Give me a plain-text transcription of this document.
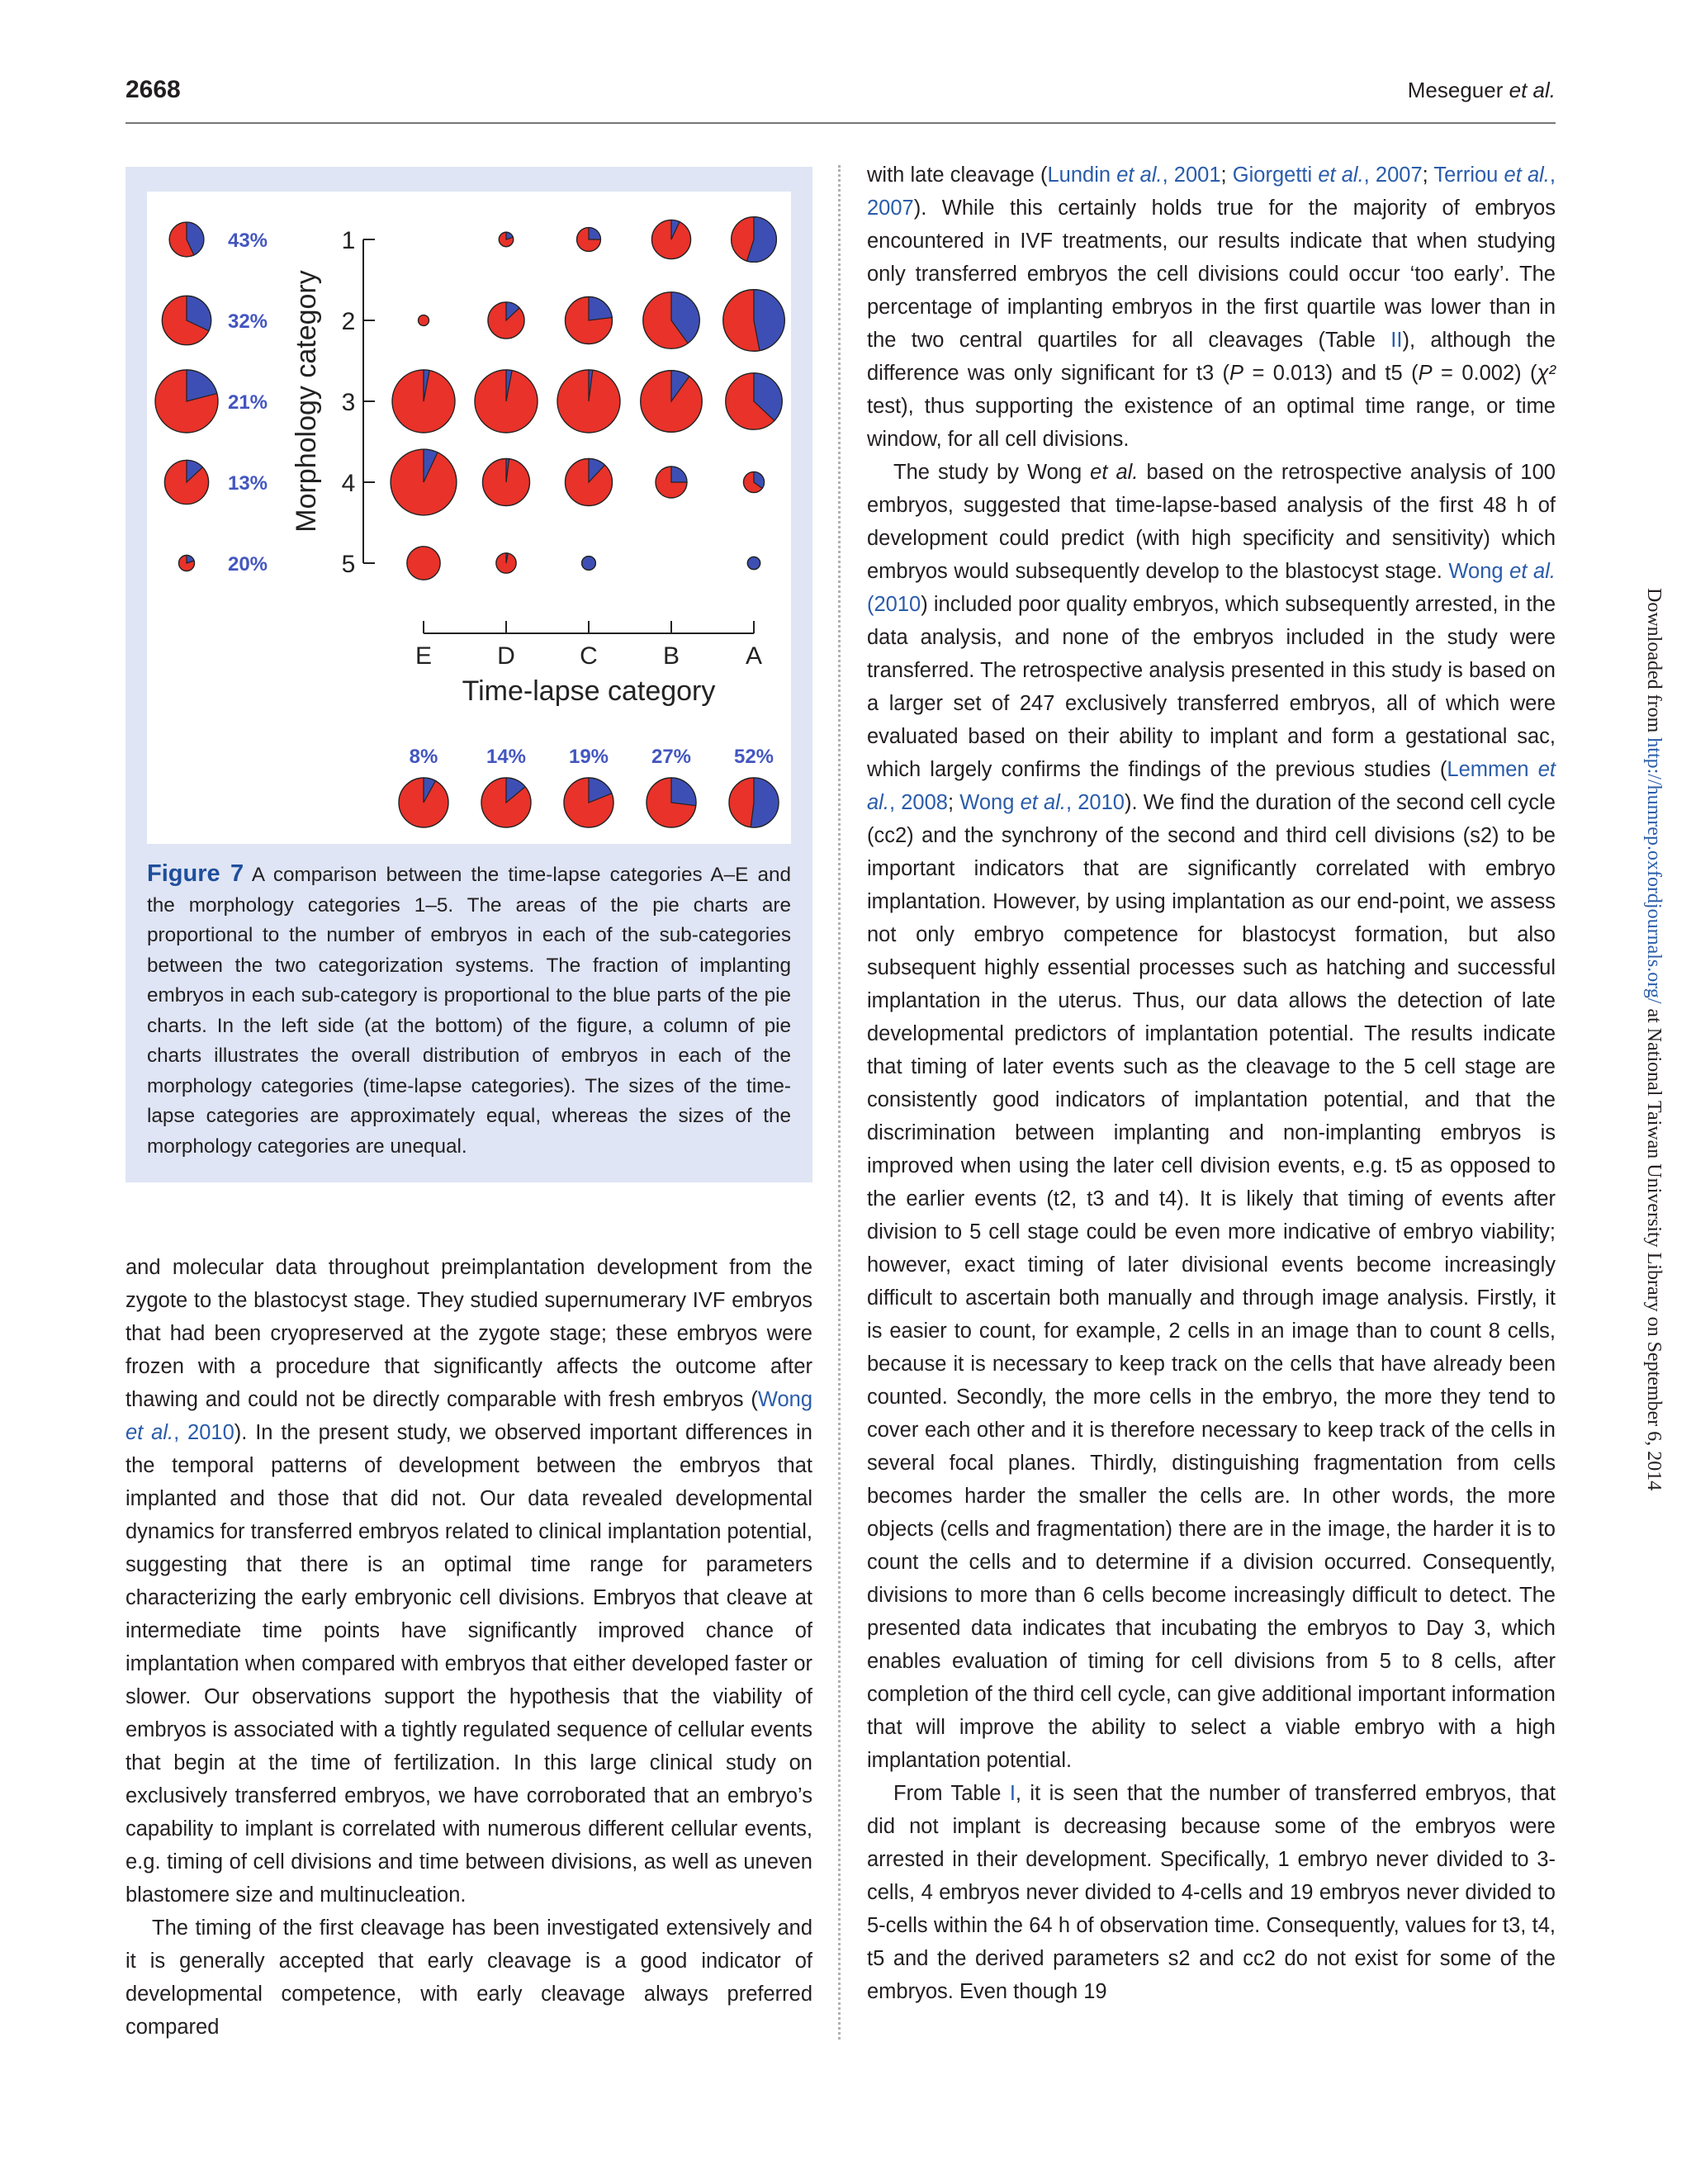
2668	Meseguer et al.
43%
32%
21%
13%
20%
1
2
3
4
5
Morphology category
E	D	C	B	A
Time-lapse category
8% 14% 19% 27% 52%
Figure 7 A comparison between the time-lapse categories A–E and the morphology categories 1–5. The areas of the pie charts are proportional to the number of embryos in each of the sub-categories between the two categorization systems. The fraction of implanting embryos in each sub-category is proportional to the blue parts of the pie charts. In the left side (at the bottom) of the figure, a column of pie charts illustrates the overall distribution of embryos in each of the morphology categories (time-lapse categories). The sizes of the time-lapse categories are approximately equal, whereas the sizes of the morphology categories are unequal.

and molecular data throughout preimplantation development from the zygote to the blastocyst stage. They studied supernumerary IVF embryos that had been cryopreserved at the zygote stage; these embryos were frozen with a procedure that significantly affects the outcome after thawing and could not be directly comparable with fresh embryos (Wong et al., 2010). In the present study, we observed important differences in the temporal patterns of development between the embryos that implanted and those that did not. Our data revealed developmental dynamics for transferred embryos related to clinical implantation potential, suggesting that there is an optimal time range for parameters characterizing the early embryonic cell divisions. Embryos that cleave at intermediate time points have significantly improved chance of implantation when compared with embryos that either developed faster or slower. Our observations support the hypothesis that the viability of embryos is associated with a tightly regulated sequence of cellular events that begin at the time of fertilization. In this large clinical study on exclusively transferred embryos, we have corroborated that an embryo’s capability to implant is correlated with numerous different cellular events, e.g. timing of cell divisions and time between divisions, as well as uneven blastomere size and multinucleation.

The timing of the first cleavage has been investigated extensively and it is generally accepted that early cleavage is a good indicator of developmental competence, with early cleavage always preferred compared

with late cleavage (Lundin et al., 2001; Giorgetti et al., 2007; Terriou et al., 2007). While this certainly holds true for the majority of embryos encountered in IVF treatments, our results indicate that when studying only transferred embryos the cell divisions could occur ‘too early’. The percentage of implanting embryos in the first quartile was lower than in the two central quartiles for all cleavages (Table II), although the difference was only significant for t3 (P = 0.013) and t5 (P = 0.002) (χ² test), thus supporting the existence of an optimal time range, or time window, for all cell divisions.

The study by Wong et al. based on the retrospective analysis of 100 embryos, suggested that time-lapse-based analysis of the first 48 h of development could predict (with high specificity and sensitivity) which embryos would subsequently develop to the blastocyst stage. Wong et al. (2010) included poor quality embryos, which subsequently arrested, in the data analysis, and none of the embryos included in the study were transferred. The retrospective analysis presented in this study is based on a larger set of 247 exclusively transferred embryos, all of which were evaluated based on their ability to implant and form a gestational sac, which largely confirms the findings of the previous studies (Lemmen et al., 2008; Wong et al., 2010). We find the duration of the second cell cycle (cc2) and the synchrony of the second and third cell divisions (s2) to be important indicators that are significantly correlated with embryo implantation. However, by using implantation as our end-point, we assess not only embryo competence for blastocyst formation, but also subsequent highly essential processes such as hatching and successful implantation in the uterus. Thus, our data allows the detection of late developmental predictors of implantation potential. The results indicate that timing of later events such as the cleavage to the 5 cell stage are consistently good indicators of implantation potential, and that the discrimination between implanting and non-implanting embryos is improved when using the later cell division events, e.g. t5 as opposed to the earlier events (t2, t3 and t4). It is likely that timing of events after division to 5 cell stage could be even more indicative of embryo viability; however, exact timing of later divisional events become increasingly difficult to ascertain both manually and through image analysis. Firstly, it is easier to count, for example, 2 cells in an image than to count 8 cells, because it is necessary to keep track on the cells that have already been counted. Secondly, the more cells in the embryo, the more they tend to cover each other and it is therefore necessary to keep track of the cells in several focal planes. Thirdly, distinguishing fragmentation from cells becomes harder the smaller the cells are. In other words, the more objects (cells and fragmentation) there are in the image, the harder it is to count the cells and to determine if a division occurred. Consequently, divisions to more than 6 cells become increasingly difficult to detect. The presented data indicates that incubating the embryos to Day 3, which enables evaluation of timing for cell divisions from 5 to 8 cells, after completion of the third cell cycle, can give additional important information that will improve the ability to select a viable embryo with a high implantation potential.

From Table I, it is seen that the number of transferred embryos, that did not implant is decreasing because some of the embryos were arrested in their development. Specifically, 1 embryo never divided to 3-cells, 4 embryos never divided to 4-cells and 19 embryos never divided to 5-cells within the 64 h of observation time. Consequently, values for t3, t4, t5 and the derived parameters s2 and cc2 do not exist for some of the embryos. Even though 19

Downloaded from http://humrep.oxfordjournals.org/ at National Taiwan University Library on September 6, 2014
